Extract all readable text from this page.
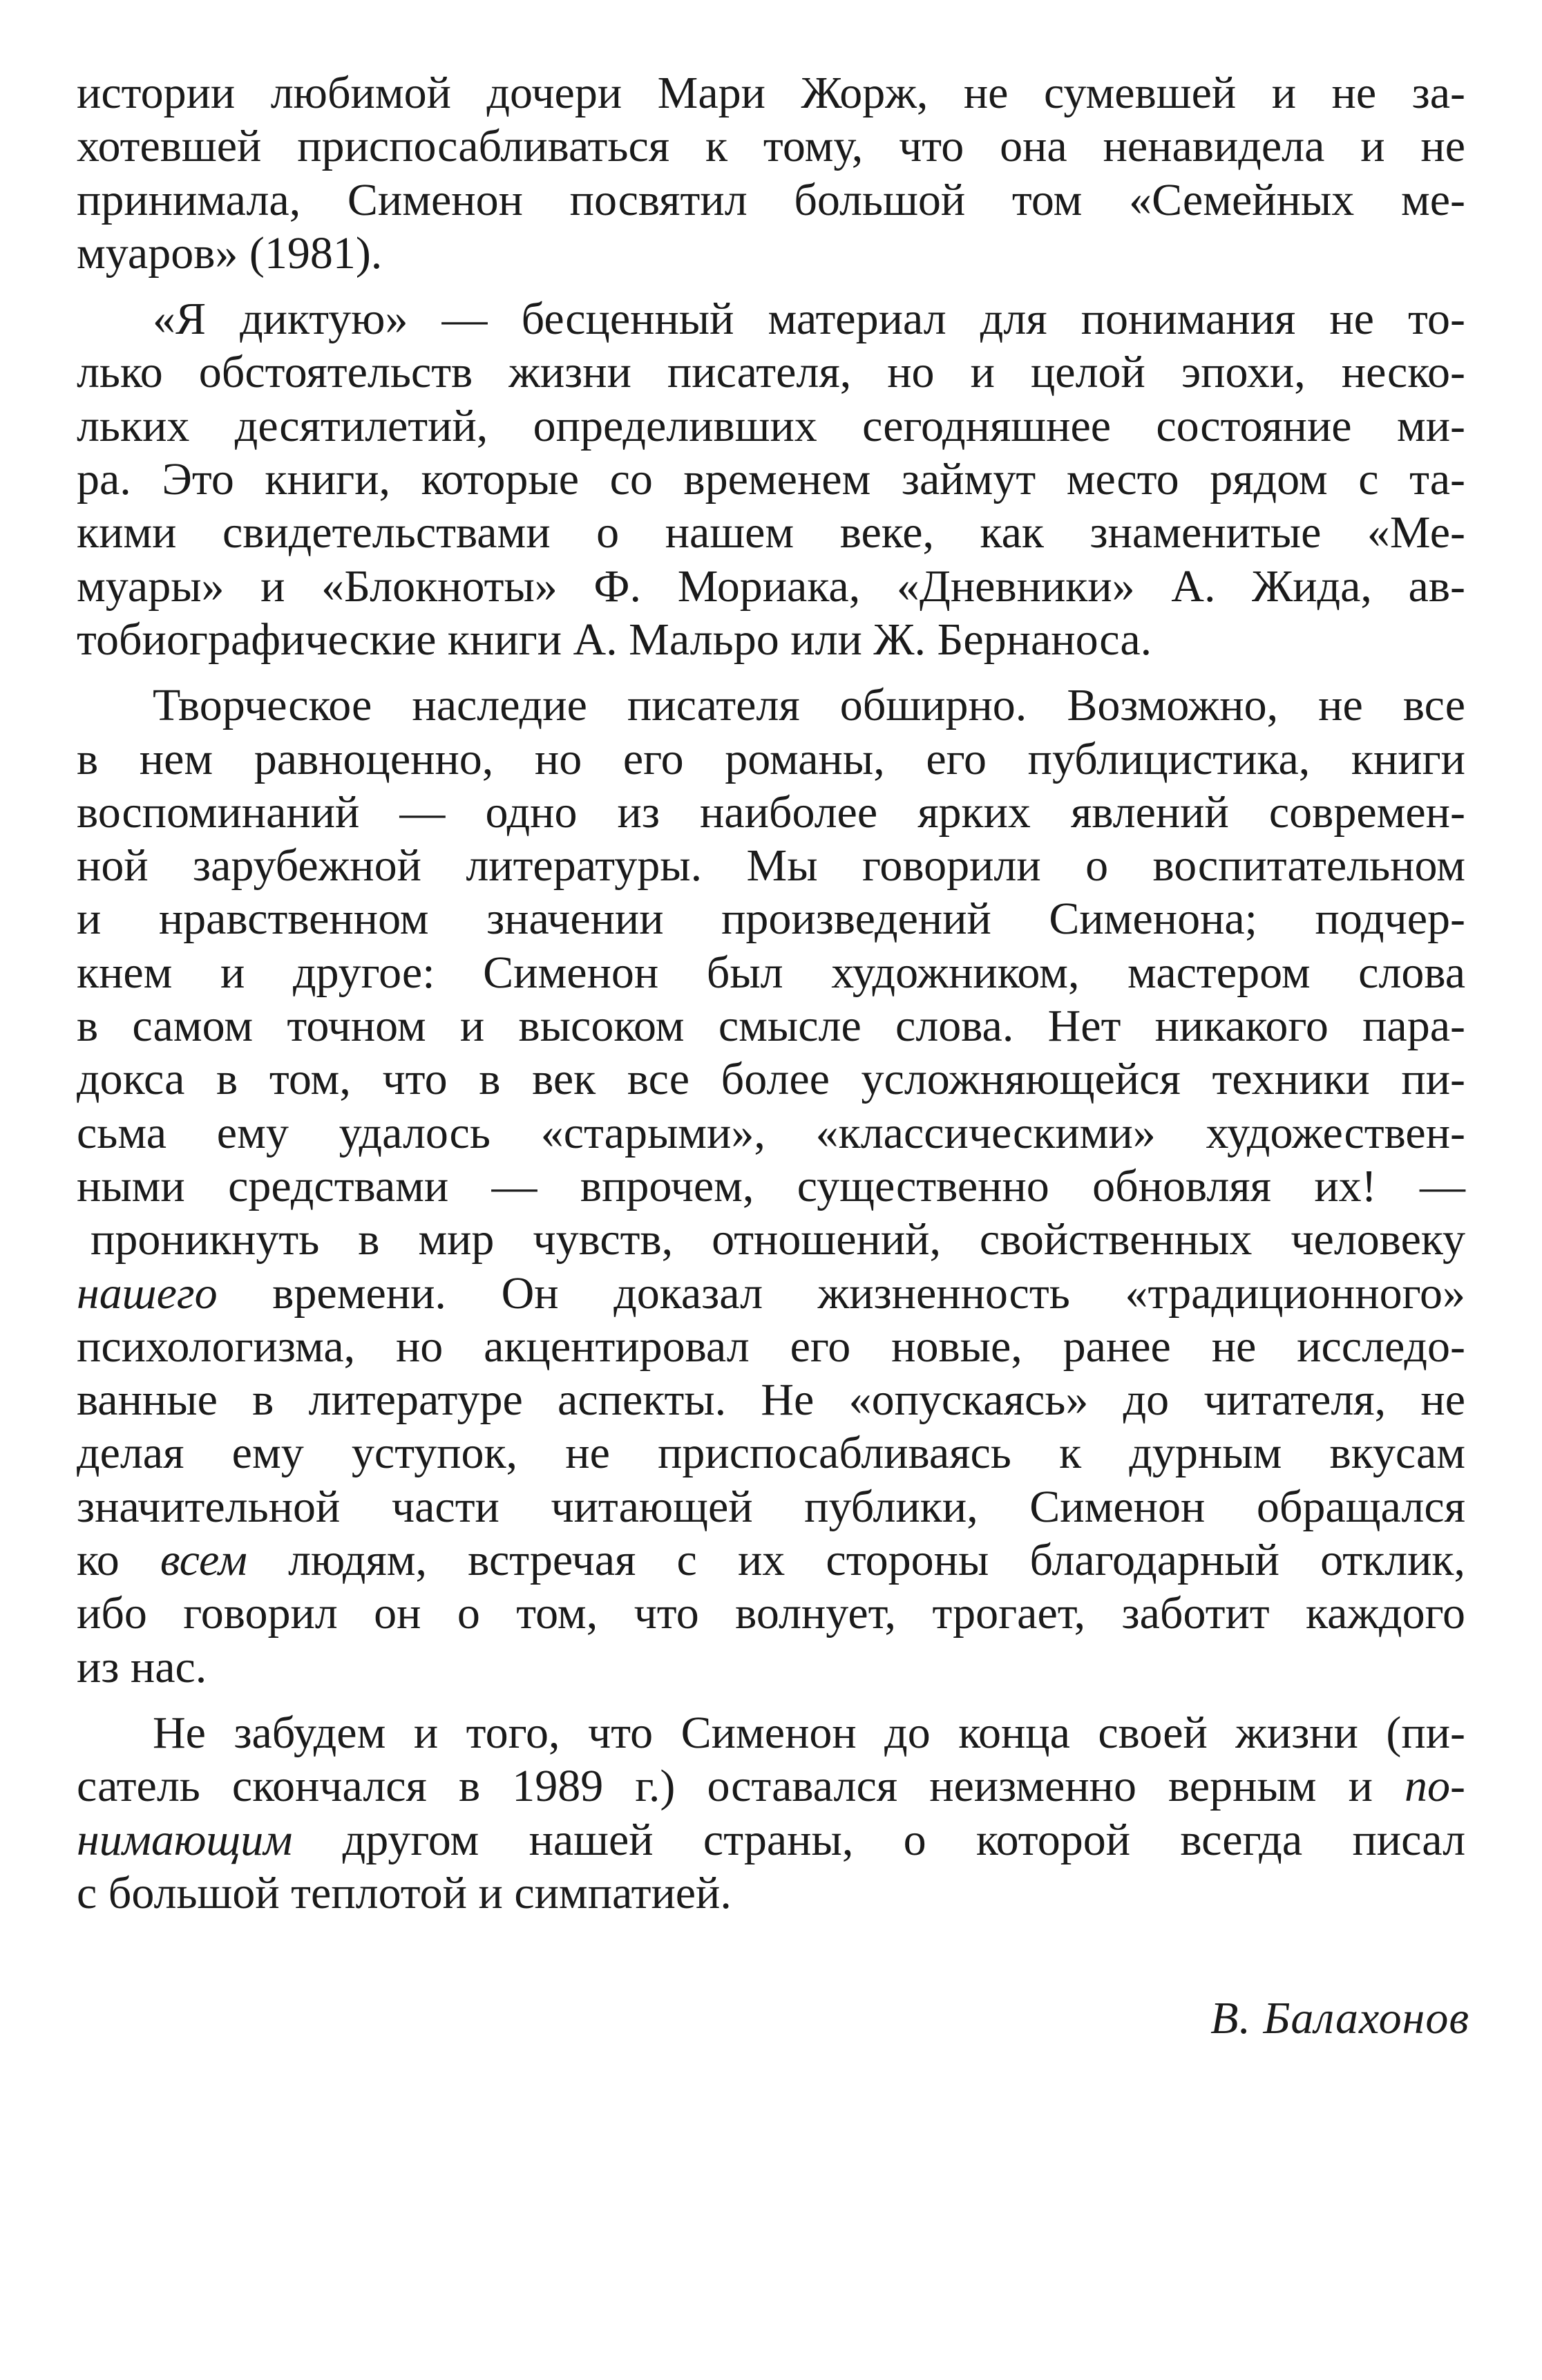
истории любимой дочери Мари Жорж, не сумевшей и не за-
хотевшей приспосабливаться к тому, что она ненавидела и не
принимала, Сименон посвятил большой том «Семейных ме-
муаров» (1981).
«Я диктую» — бесценный материал для понимания не то-
лько обстоятельств жизни писателя, но и целой эпохи, неско-
льких десятилетий, определивших сегодняшнее состояние ми-
ра. Это книги, которые со временем займут место рядом с та-
кими свидетельствами о нашем веке, как знаменитые «Ме-
муары» и «Блокноты» Ф. Мориака, «Дневники» А. Жида, ав-
тобиографические книги А. Мальро или Ж. Бернаноса.
Творческое наследие писателя обширно. Возможно, не все
в нем равноценно, но его романы, его публицистика, книги
воспоминаний — одно из наиболее ярких явлений современ-
ной зарубежной литературы. Мы говорили о воспитательном
и нравственном значении произведений Сименона; подчер-
кнем и другое: Сименон был художником, мастером слова
в самом точном и высоком смысле слова. Нет никакого пара-
докса в том, что в век все более усложняющейся техники пи-
сьма ему удалось «старыми», «классическими» художествен-
ными средствами — впрочем, существенно обновляя их! —
проникнуть в мир чувств, отношений, свойственных человеку
нашего времени. Он доказал жизненность «традиционного»
психологизма, но акцентировал его новые, ранее не исследо-
ванные в литературе аспекты. Не «опускаясь» до читателя, не
делая ему уступок, не приспосабливаясь к дурным вкусам
значительной части читающей публики, Сименон обращался
ко всем людям, встречая с их стороны благодарный отклик,
ибо говорил он о том, что волнует, трогает, заботит каждого
из нас.
Не забудем и того, что Сименон до конца своей жизни (пи-
сатель скончался в 1989 г.) оставался неизменно верным и по-
нимающим другом нашей страны, о которой всегда писал
с большой теплотой и симпатией.
В. Балахонов
